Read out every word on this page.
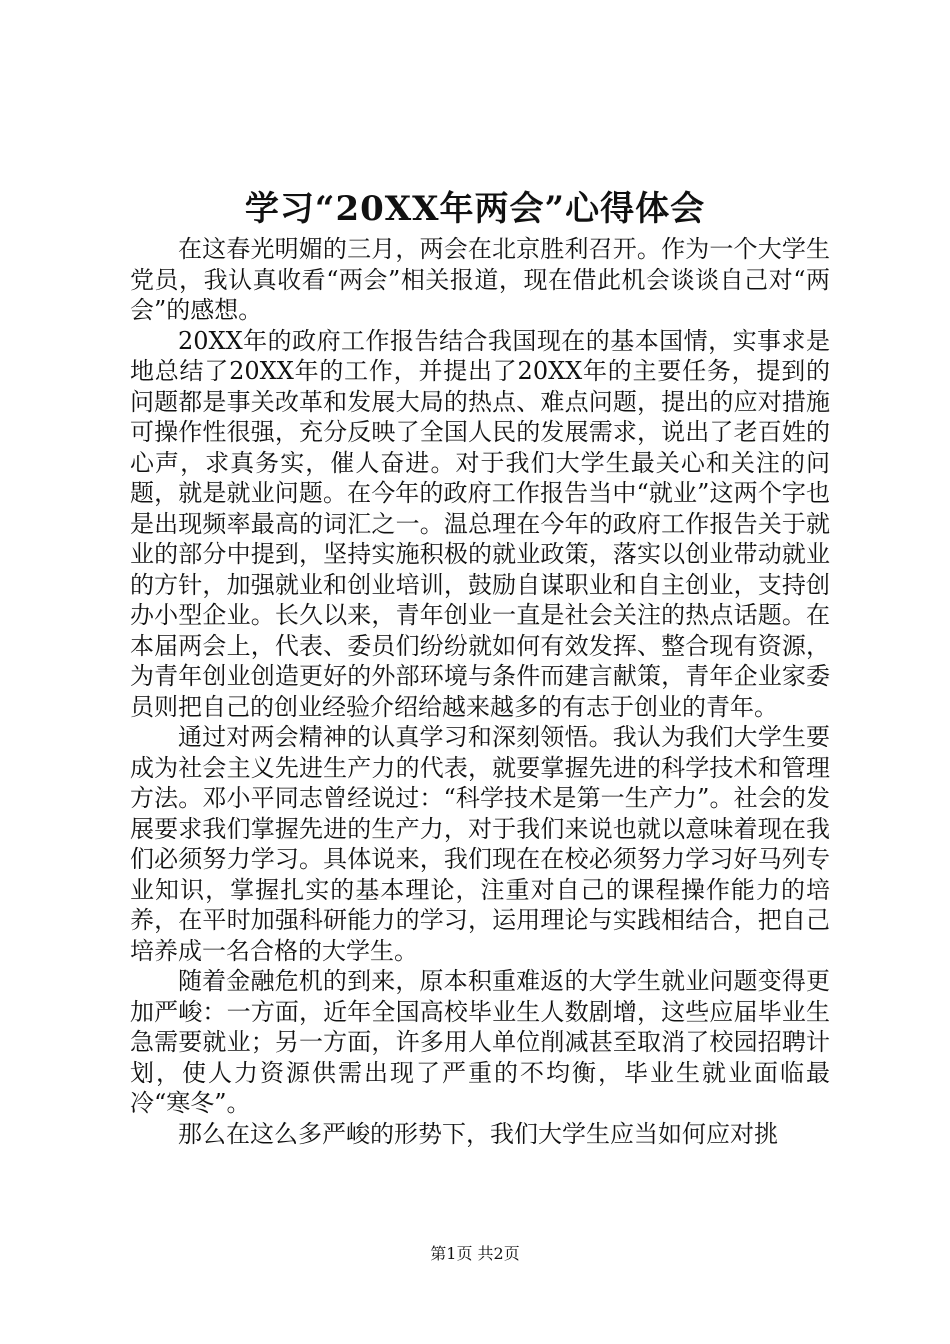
学习“20XX年两会”心得体会

在这春光明媚的三月，两会在北京胜利召开。作为一个大学生党员，我认真收看“两会”相关报道，现在借此机会谈谈自己对“两会”的感想。

20XX年的政府工作报告结合我国现在的基本国情，实事求是地总结了20XX年的工作，并提出了20XX年的主要任务，提到的问题都是事关改革和发展大局的热点、难点问题，提出的应对措施可操作性很强，充分反映了全国人民的发展需求，说出了老百姓的心声，求真务实，催人奋进。对于我们大学生最关心和关注的问题，就是就业问题。在今年的政府工作报告当中“就业”这两个字也是出现频率最高的词汇之一。温总理在今年的政府工作报告关于就业的部分中提到，坚持实施积极的就业政策，落实以创业带动就业的方针，加强就业和创业培训，鼓励自谋职业和自主创业，支持创办小型企业。长久以来，青年创业一直是社会关注的热点话题。在本届两会上，代表、委员们纷纷就如何有效发挥、整合现有资源，为青年创业创造更好的外部环境与条件而建言献策，青年企业家委员则把自己的创业经验介绍给越来越多的有志于创业的青年。

通过对两会精神的认真学习和深刻领悟。我认为我们大学生要成为社会主义先进生产力的代表，就要掌握先进的科学技术和管理方法。邓小平同志曾经说过：“科学技术是第一生产力”。社会的发展要求我们掌握先进的生产力，对于我们来说也就以意味着现在我们必须努力学习。具体说来，我们现在在校必须努力学习好马列专业知识，掌握扎实的基本理论，注重对自己的课程操作能力的培养，在平时加强科研能力的学习，运用理论与实践相结合，把自己培养成一名合格的大学生。

随着金融危机的到来，原本积重难返的大学生就业问题变得更加严峻：一方面，近年全国高校毕业生人数剧增，这些应届毕业生急需要就业；另一方面，许多用人单位削减甚至取消了校园招聘计划，使人力资源供需出现了严重的不均衡，毕业生就业面临最冷“寒冬”。

那么在这么多严峻的形势下，我们大学生应当如何应对挑

第1页 共2页
